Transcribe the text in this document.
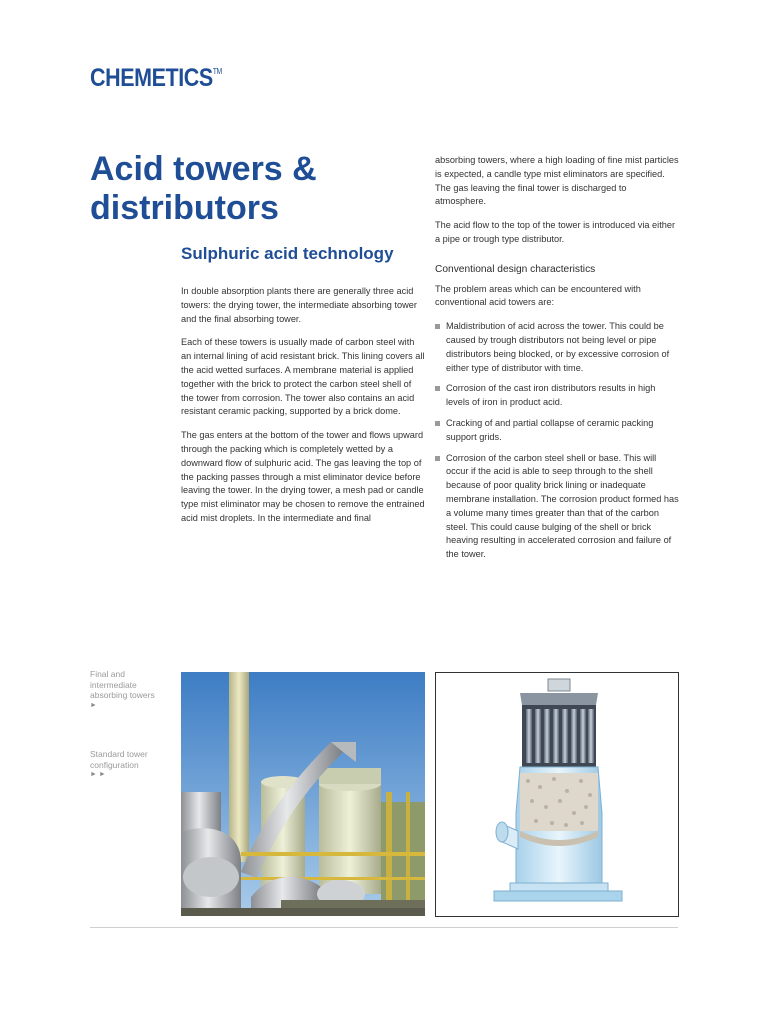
CHEMETICS™
Acid towers & distributors
Sulphuric acid technology

In double absorption plants there are generally three acid towers: the drying tower, the intermediate absorbing tower and the final absorbing tower.

Each of these towers is usually made of carbon steel with an internal lining of acid resistant brick. This lining covers all the acid wetted surfaces. A membrane material is applied together with the brick to protect the carbon steel shell of the tower from corrosion. The tower also contains an acid resistant ceramic packing, supported by a brick dome.

The gas enters at the bottom of the tower and flows upward through the packing which is completely wetted by a downward flow of sulphuric acid. The gas leaving the top of the packing passes through a mist eliminator device before leaving the tower. In the drying tower, a mesh pad or candle type mist eliminator may be chosen to remove the entrained acid mist droplets. In the intermediate and final

absorbing towers, where a high loading of fine mist particles is expected, a candle type mist eliminators are specified. The gas leaving the final tower is discharged to atmosphere.

The acid flow to the top of the tower is introduced via either a pipe or trough type distributor.

Conventional design characteristics

The problem areas which can be encountered with conventional acid towers are:

Maldistribution of acid across the tower. This could be caused by trough distributors not being level or pipe distributors being blocked, or by excessive corrosion of either type of distributor with time.
Corrosion of the cast iron distributors results in high levels of iron in product acid.
Cracking of and partial collapse of ceramic packing support grids.
Corrosion of the carbon steel shell or base. This will occur if the acid is able to seep through to the shell because of poor quality brick lining or inadequate membrane installation. The corrosion product formed has a volume many times greater than that of the carbon steel. This could cause bulging of the shell or brick heaving resulting in accelerated corrosion and failure of the tower.
Final and intermediate absorbing towers
►
Standard tower configuration
► ►
